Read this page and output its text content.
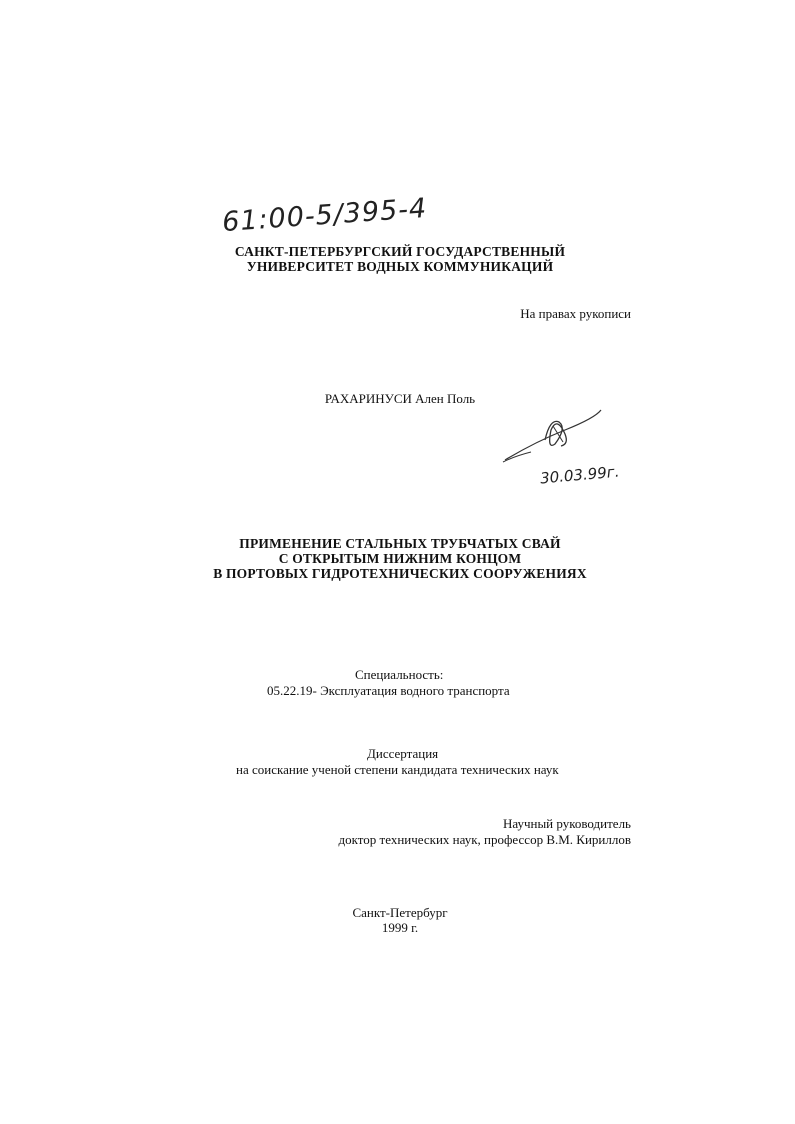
61:00-5/395-4
САНКТ-ПЕТЕРБУРГСКИЙ ГОСУДАРСТВЕННЫЙ
УНИВЕРСИТЕТ ВОДНЫХ КОММУНИКАЦИЙ
На правах рукописи
РАХАРИНУСИ Ален Поль
30.03.99г.
ПРИМЕНЕНИЕ СТАЛЬНЫХ ТРУБЧАТЫХ СВАЙ
С ОТКРЫТЫМ НИЖНИМ КОНЦОМ
В ПОРТОВЫХ ГИДРОТЕХНИЧЕСКИХ СООРУЖЕНИЯХ
Специальность:
05.22.19- Эксплуатация водного транспорта
Диссертация
на соискание ученой степени кандидата технических наук
Научный руководитель
доктор технических наук, профессор В.М. Кириллов
Санкт-Петербург
1999 г.
